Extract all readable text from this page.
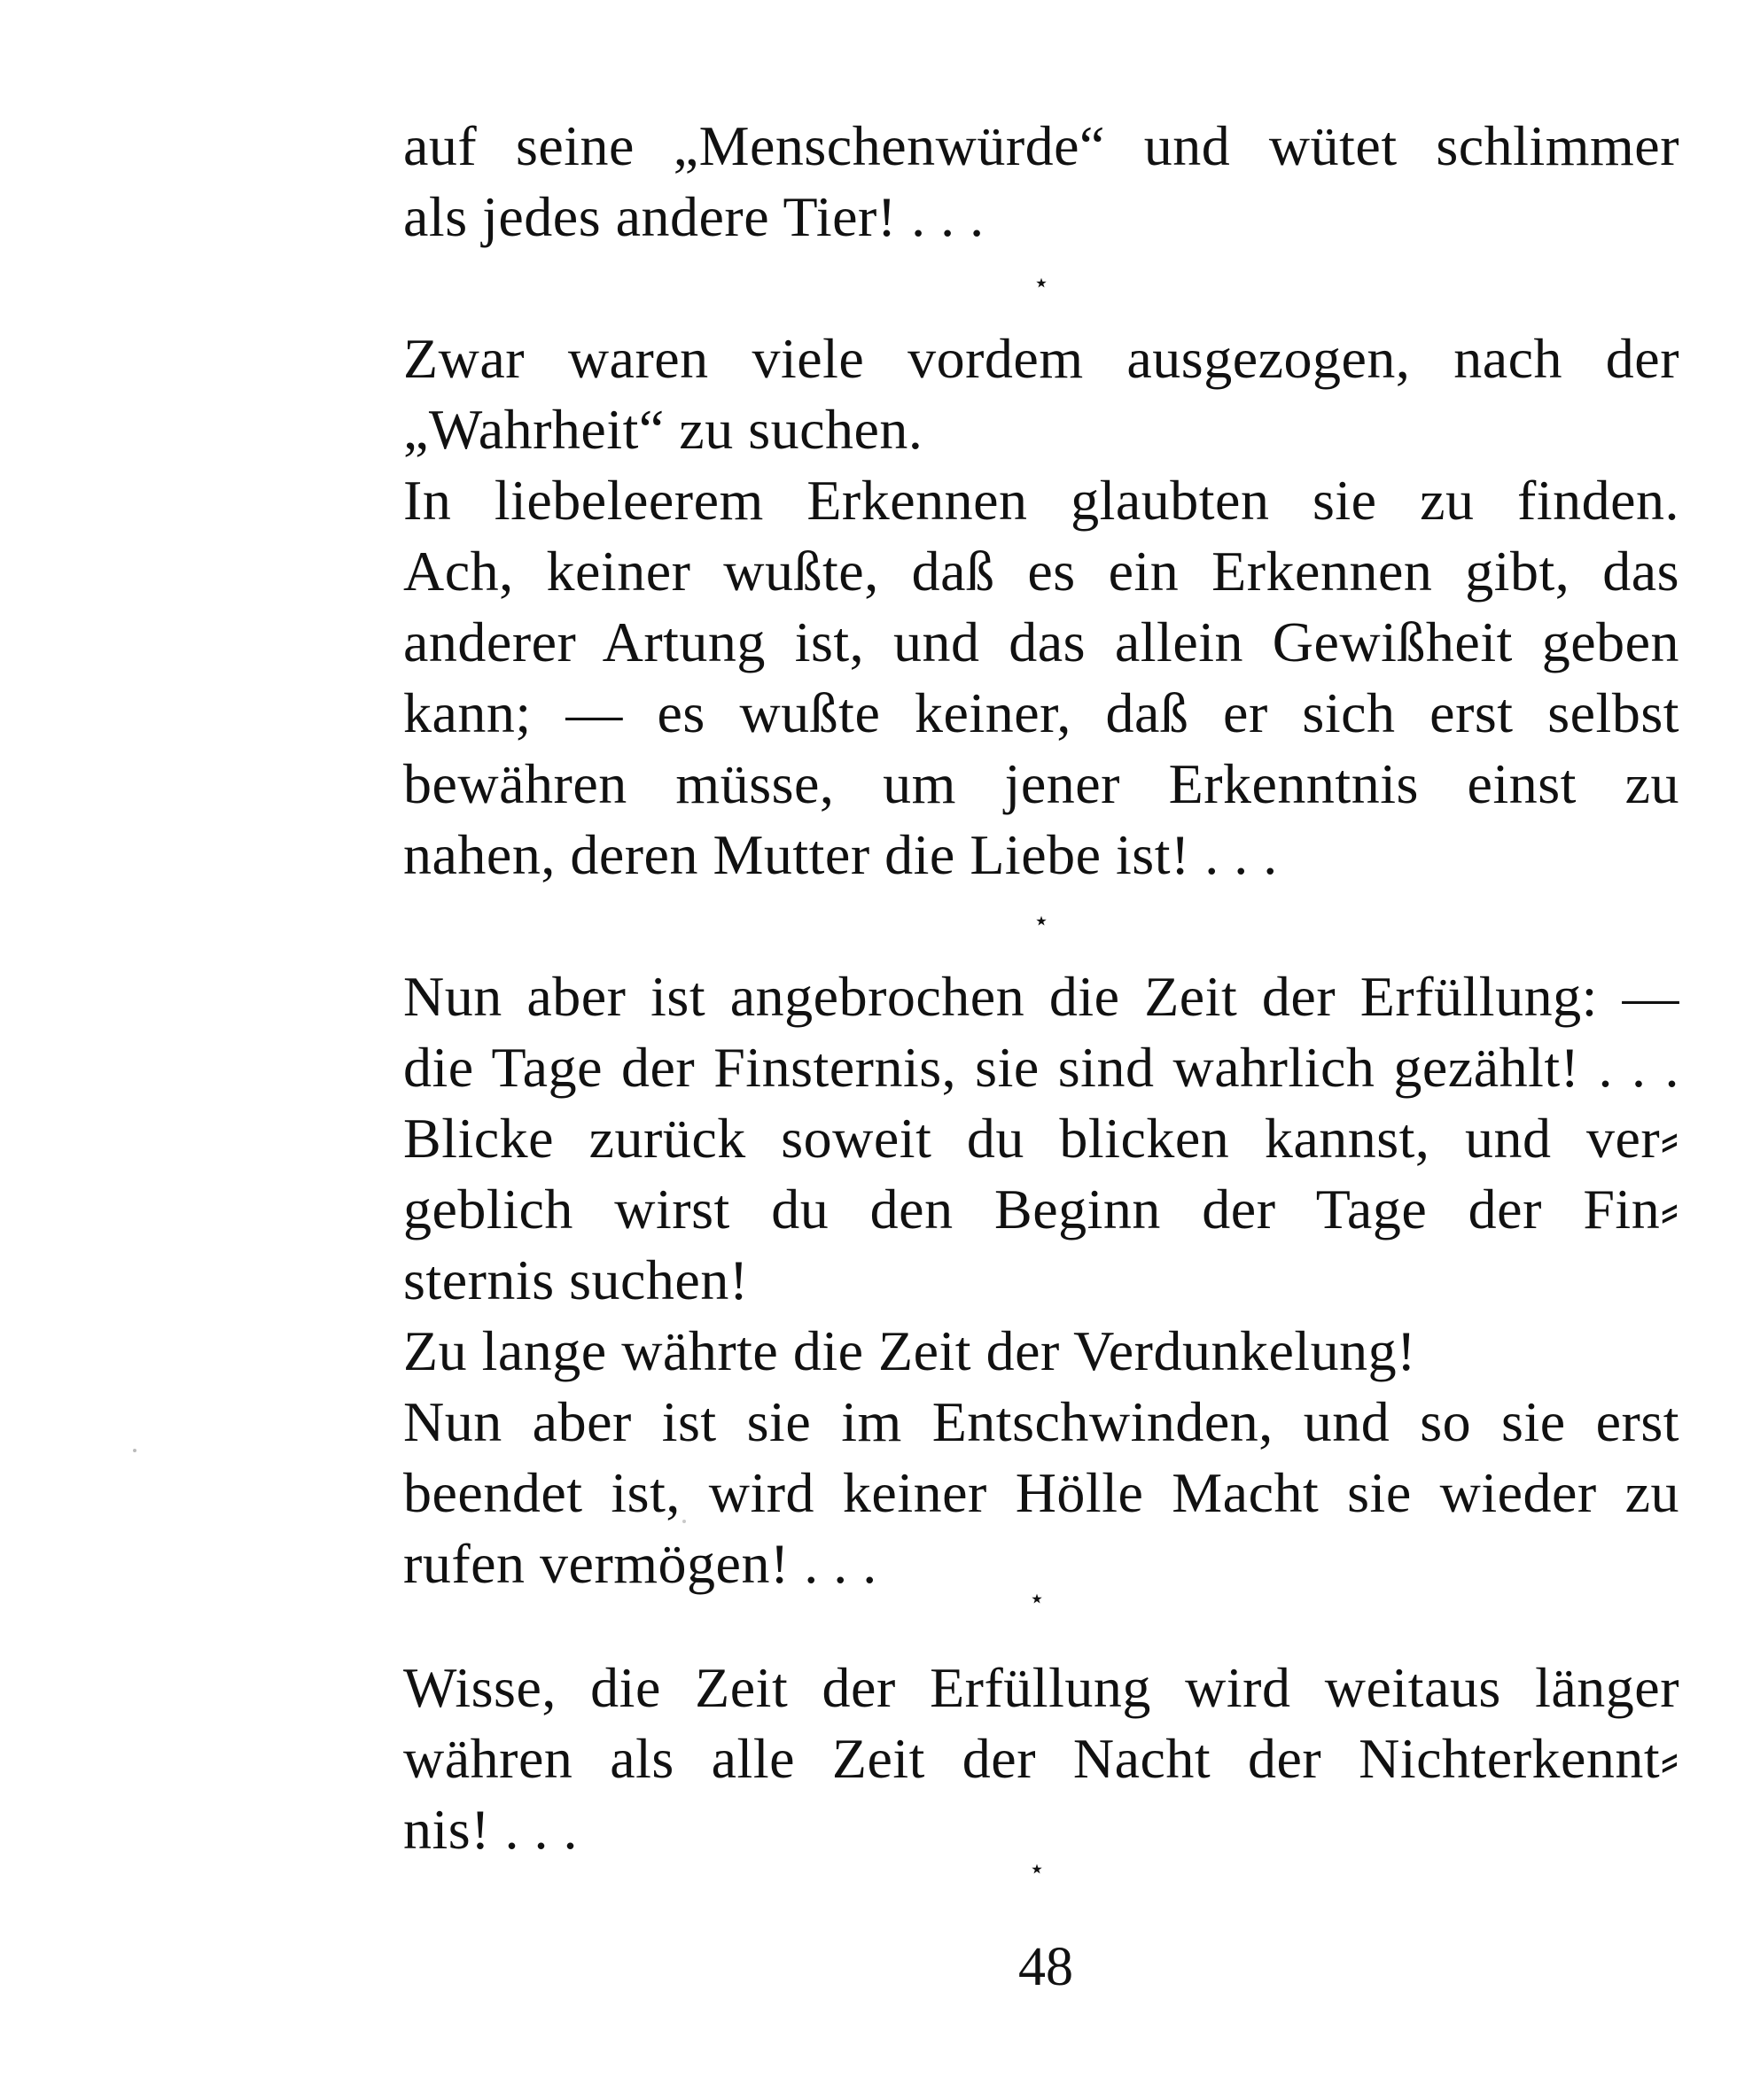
auf seine „Menschenwürde“ und wütet schlimmer
als jedes andere Tier! . . .
⋆
Zwar waren viele vordem ausgezogen, nach der
„Wahrheit“ zu suchen.
In liebeleerem Erkennen glaubten sie zu finden.
Ach, keiner wußte, daß es ein Erkennen gibt, das
anderer Artung ist, und das allein Gewißheit geben
kann; — es wußte keiner, daß er sich erst selbst
bewähren müsse, um jener Erkenntnis einst zu
nahen, deren Mutter die Liebe ist! . . .
⋆
Nun aber ist angebrochen die Zeit der Erfüllung: —
die Tage der Finsternis, sie sind wahrlich gezählt! . . .
Blicke zurück soweit du blicken kannst, und ver⸗
geblich wirst du den Beginn der Tage der Fin⸗
sternis suchen!
Zu lange währte die Zeit der Verdunkelung!
Nun aber ist sie im Entschwinden, und so sie erst
beendet ist, wird keiner Hölle Macht sie wieder zu
rufen vermögen! . . .
⋆
Wisse, die Zeit der Erfüllung wird weitaus länger
währen als alle Zeit der Nacht der Nichterkennt⸗
nis! . . .
⋆
48
